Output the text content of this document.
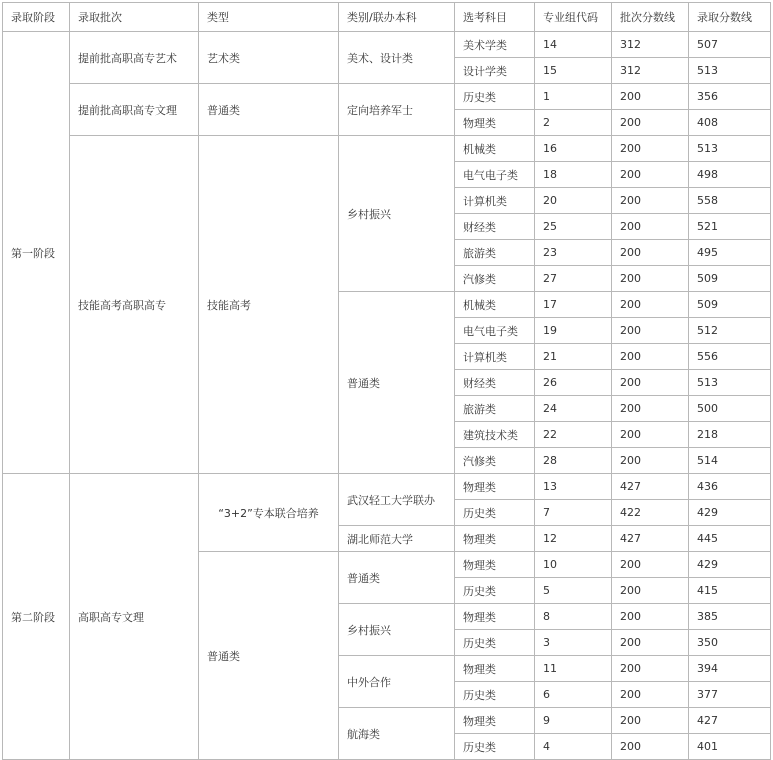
录取阶段	录取批次	类型	类别/联办本科	选考科目	专业组代码	批次分数线	录取分数线
第一阶段	提前批高职高专艺术	艺术类	美术、设计类	美术学类	14	312	507
				设计学类	15	312	513
	提前批高职高专文理	普通类	定向培养军士	历史类	1	200	356
				物理类	2	200	408
	技能高考高职高专	技能高考	乡村振兴	机械类	16	200	513
				电气电子类	18	200	498
				计算机类	20	200	558
				财经类	25	200	521
				旅游类	23	200	495
				汽修类	27	200	509
			普通类	机械类	17	200	509
				电气电子类	19	200	512
				计算机类	21	200	556
				财经类	26	200	513
				旅游类	24	200	500
				建筑技术类	22	200	218
				汽修类	28	200	514
第二阶段	高职高专文理	“3+2”专本联合培养	武汉轻工大学联办	物理类	13	427	436
				历史类	7	422	429
			湖北师范大学	物理类	12	427	445
		普通类	普通类	物理类	10	200	429
				历史类	5	200	415
			乡村振兴	物理类	8	200	385
				历史类	3	200	350
			中外合作	物理类	11	200	394
				历史类	6	200	377
			航海类	物理类	9	200	427
				历史类	4	200	401
